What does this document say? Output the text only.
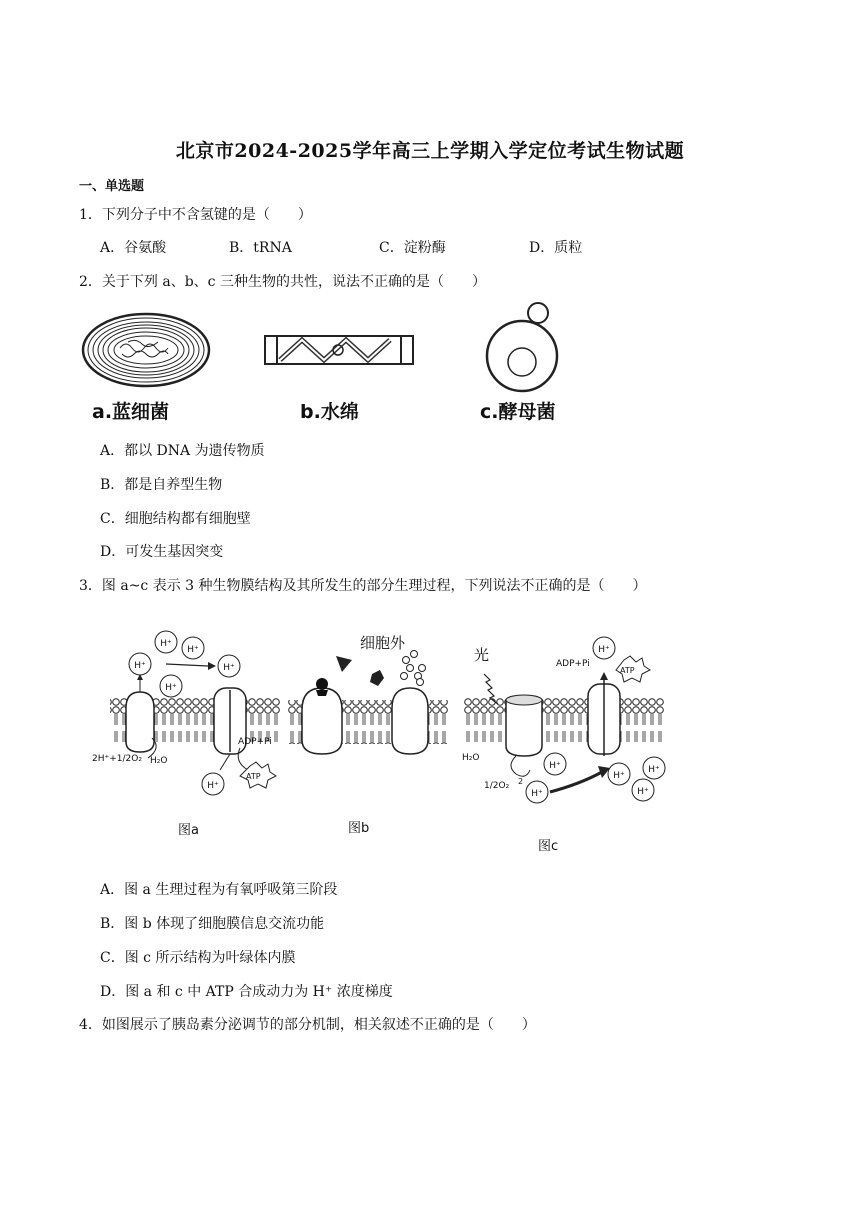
北京市2024-2025学年高三上学期入学定位考试生物试题
一、单选题
1．下列分子中不含氢键的是（　　）
A．谷氨酸	B．tRNA	C．淀粉酶	D．质粒
2．关于下列 a、b、c 三种生物的共性，说法不正确的是（　　）
a.蓝细菌	b.水绵	c.酵母菌
A．都以 DNA 为遗传物质
B．都是自养型生物
C．细胞结构都有细胞壁
D．可发生基因突变
3．图 a~c 表示 3 种生物膜结构及其所发生的部分生理过程，下列说法不正确的是（　　）
H⁺
H⁺
H⁺
H⁺
H⁺
H⁺
2H⁺+1/2O₂ H₂O
ADP+Pi
ATP
图a
细胞外
图b
光	ADP+Pi
ATP
H₂O
1/2O₂ 2
H⁺
H⁺
H⁺
H⁺
H⁺
H⁺
图c
A．图 a 生理过程为有氧呼吸第三阶段
B．图 b 体现了细胞膜信息交流功能
C．图 c 所示结构为叶绿体内膜
D．图 a 和 c 中 ATP 合成动力为 H⁺ 浓度梯度
4．如图展示了胰岛素分泌调节的部分机制，相关叙述不正确的是（　　）
